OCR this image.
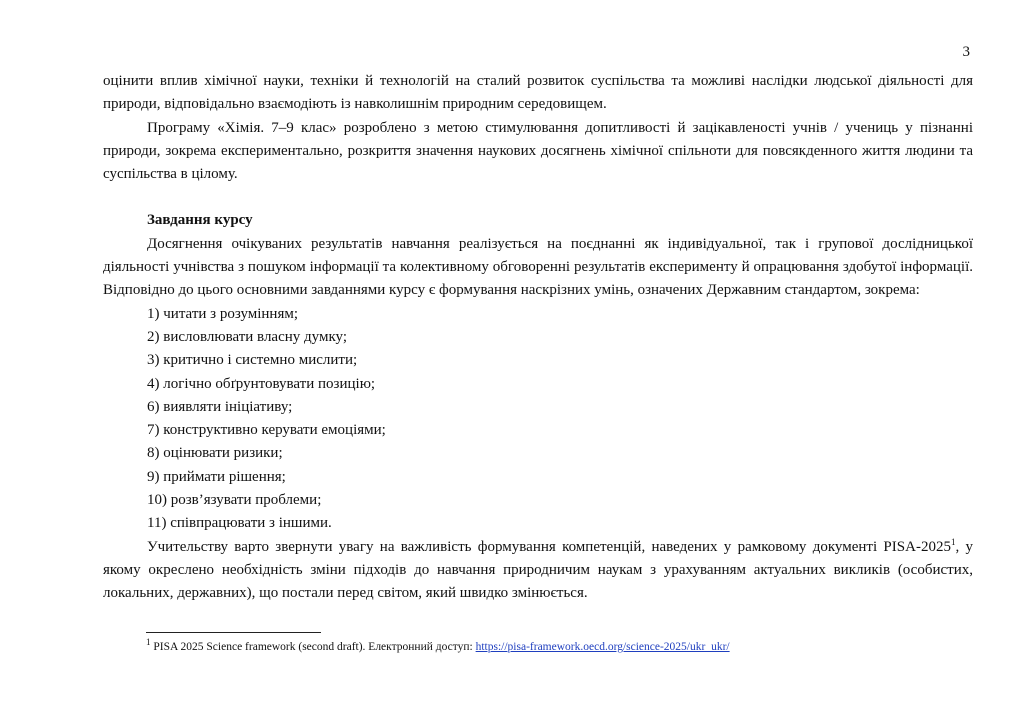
3

оцінити вплив хімічної науки, техніки й технологій на сталий розвиток суспільства та можливі наслідки людської діяльності для природи, відповідально взаємодіють із навколишнім природним середовищем.

Програму «Хімія. 7–9 клас» розроблено з метою стимулювання допитливості й зацікавленості учнів / учениць у пізнанні природи, зокрема експериментально, розкриття значення наукових досягнень хімічної спільноти для повсякденного життя людини та суспільства в цілому.

Завдання курсу

Досягнення очікуваних результатів навчання реалізується на поєднанні як індивідуальної, так і групової дослідницької діяльності учнівства з пошуком інформації та колективному обговоренні результатів експерименту й опрацювання здобутої інформації. Відповідно до цього основними завданнями курсу є формування наскрізних умінь, означених Державним стандартом, зокрема:

1) читати з розумінням;

2) висловлювати власну думку;

3) критично і системно мислити;

4) логічно обґрунтовувати позицію;

6) виявляти ініціативу;

7) конструктивно керувати емоціями;

8) оцінювати ризики;

9) приймати рішення;

10) розв’язувати проблеми;

11) співпрацювати з іншими.

Учительству варто звернути увагу на важливість формування компетенцій, наведених у рамковому документі PISA-2025$^1$, у якому окреслено необхідність зміни підходів до навчання природничим наукам з урахуванням актуальних викликів (особистих, локальних, державних), що постали перед світом, який швидко змінюється.

$^1$ PISA 2025 Science framework (second draft). Електронний доступ: https://pisa-framework.oecd.org/science-2025/ukr_ukr/
